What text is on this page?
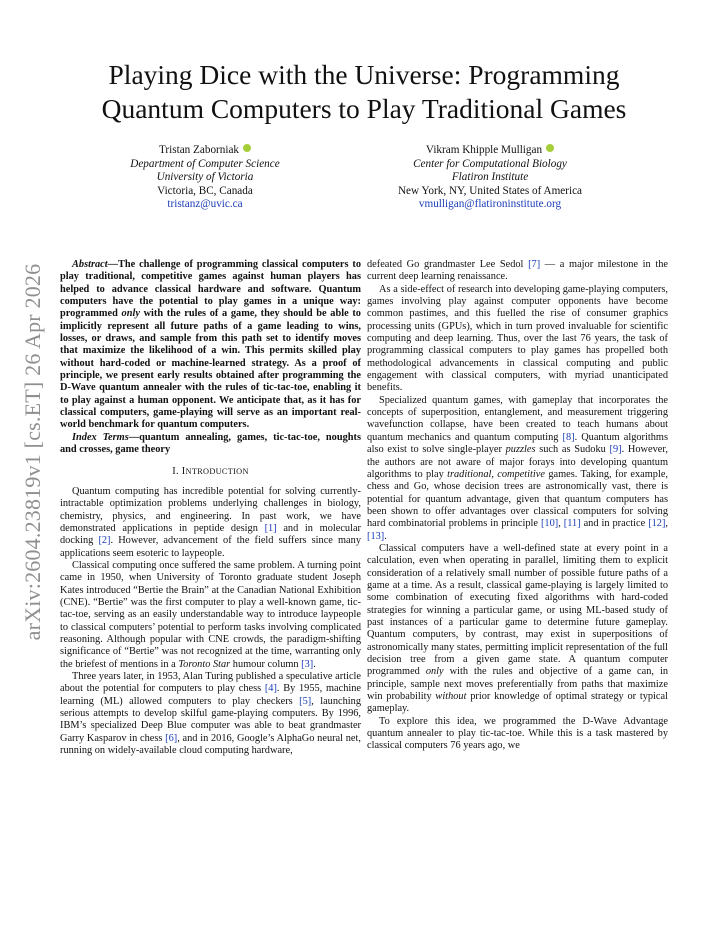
arXiv:2604.23819v1 [cs.ET] 26 Apr 2026
Playing Dice with the Universe: Programming Quantum Computers to Play Traditional Games
Tristan Zaborniak
Department of Computer Science
University of Victoria
Victoria, BC, Canada
tristanz@uvic.ca
Vikram Khipple Mulligan
Center for Computational Biology
Flatiron Institute
New York, NY, United States of America
vmulligan@flatironinstitute.org

Abstract—The challenge of programming classical computers to play traditional, competitive games against human players has helped to advance classical hardware and software. Quantum computers have the potential to play games in a unique way: programmed only with the rules of a game, they should be able to implicitly represent all future paths of a game leading to wins, losses, or draws, and sample from this path set to identify moves that maximize the likelihood of a win. This permits skilled play without hard-coded or machine-learned strategy. As a proof of principle, we present early results obtained after programming the D-Wave quantum annealer with the rules of tic-tac-toe, enabling it to play against a human opponent. We anticipate that, as it has for classical computers, game-playing will serve as an important real-world benchmark for quantum computers.

Index Terms—quantum annealing, games, tic-tac-toe, noughts and crosses, game theory

I. INTRODUCTION

Quantum computing has incredible potential for solving currently-intractable optimization problems underlying challenges in biology, chemistry, physics, and engineering. In past work, we have demonstrated applications in peptide design [1] and in molecular docking [2]. However, advancement of the field suffers since many applications seem esoteric to laypeople.

Classical computing once suffered the same problem. A turning point came in 1950, when University of Toronto graduate student Joseph Kates introduced “Bertie the Brain” at the Canadian National Exhibition (CNE). “Bertie” was the first computer to play a well-known game, tic-tac-toe, serving as an easily understandable way to introduce laypeople to classical computers’ potential to perform tasks involving complicated reasoning. Although popular with CNE crowds, the paradigm-shifting significance of “Bertie” was not recognized at the time, warranting only the briefest of mentions in a Toronto Star humour column [3].

Three years later, in 1953, Alan Turing published a speculative article about the potential for computers to play chess [4]. By 1955, machine learning (ML) allowed computers to play checkers [5], launching serious attempts to develop skilful game-playing computers. By 1996, IBM’s specialized Deep Blue computer was able to beat grandmaster Garry Kasparov in chess [6], and in 2016, Google’s AlphaGo neural net, running on widely-available cloud computing hardware,

defeated Go grandmaster Lee Sedol [7] — a major milestone in the current deep learning renaissance.

As a side-effect of research into developing game-playing computers, games involving play against computer opponents have become common pastimes, and this fuelled the rise of consumer graphics processing units (GPUs), which in turn proved invaluable for scientific computing and deep learning. Thus, over the last 76 years, the task of programming classical computers to play games has propelled both methodological advancements in classical computing and public engagement with classical computers, with myriad unanticipated benefits.

Specialized quantum games, with gameplay that incorporates the concepts of superposition, entanglement, and measurement triggering wavefunction collapse, have been created to teach humans about quantum mechanics and quantum computing [8]. Quantum algorithms also exist to solve single-player puzzles such as Sudoku [9]. However, the authors are not aware of major forays into developing quantum algorithms to play traditional, competitive games. Taking, for example, chess and Go, whose decision trees are astronomically vast, there is potential for quantum advantage, given that quantum computers has been shown to offer advantages over classical computers for solving hard combinatorial problems in principle [10], [11] and in practice [12], [13].

Classical computers have a well-defined state at every point in a calculation, even when operating in parallel, limiting them to explicit consideration of a relatively small number of possible future paths of a game at a time. As a result, classical game-playing is largely limited to some combination of executing fixed algorithms with hard-coded strategies for winning a particular game, or using ML-based study of past instances of a particular game to determine future gameplay. Quantum computers, by contrast, may exist in superpositions of astronomically many states, permitting implicit representation of the full decision tree from a given game state. A quantum computer programmed only with the rules and objective of a game can, in principle, sample next moves preferentially from paths that maximize win probability without prior knowledge of optimal strategy or typical gameplay.

To explore this idea, we programmed the D-Wave Advantage quantum annealer to play tic-tac-toe. While this is a task mastered by classical computers 76 years ago, we
